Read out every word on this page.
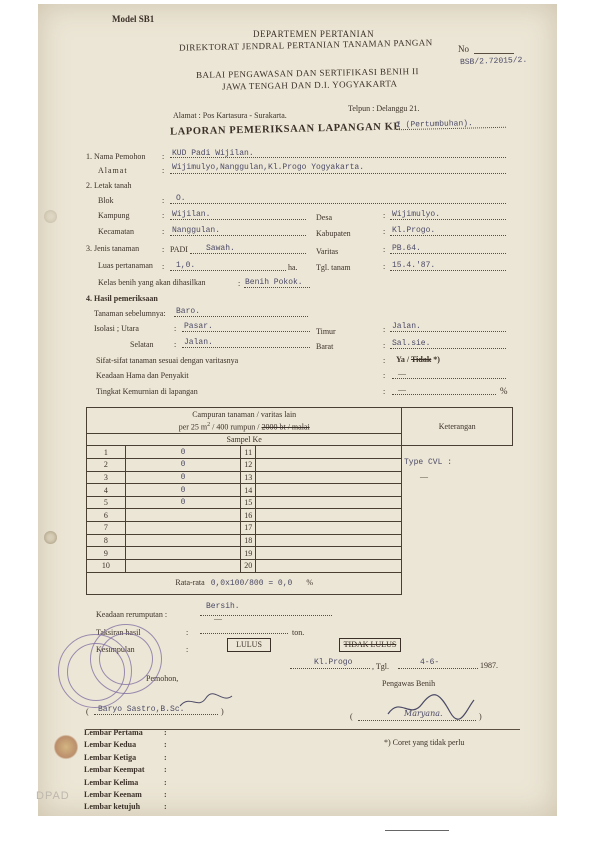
Model SB1
DEPARTEMEN PERTANIAN
DIREKTORAT JENDRAL PERTANIAN TANAMAN PANGAN	No
BSB/2.72015/2.
BALAI PENGAWASAN DAN SERTIFIKASI BENIH II
JAWA TENGAH DAN D.I. YOGYAKARTA
Alamat : Pos Kartasura - Surakarta.
Telpun : Delanggu 21.
LAPORAN PEMERIKSAAN LAPANGAN KE
I (Pertumbuhan).
1. Nama Pemohon : KUD Padi Wijilan.
Alamat	: Wijimulyo,Nanggulan,Kl.Progo Yogyakarta.
2. Letak tanah
Blok	: O.
Kampung	: Wijilan.	Desa	: Wijimulyo.
Kecamatan	: Nanggulan.	Kabupaten	: Kl.Progo.
3. Jenis tanaman	: PADI Sawah.	Varitas	: PB.64.
Luas pertanaman : 1,0.	ha. Tgl. tanam	: 15.4.'87.
Kelas benih yang akan dihasilkan	: Benih Pokok.
4. Hasil pemeriksaan
Tanaman sebelumnya: Baro.
Isolasi ; Utara	: Pasar.
Timur	: Jalan.
Selatan	: Jalan.	Barat	: Sal.sie.
Sifat-sifat tanaman sesuai dengan varitasnya	: Ya / Tidak *)
Keadaan Hama dan Penyakit	: —
Tingkat Kemurnian di lapangan	: —	%
Campuran tanaman / varitas lain
per 25 $m^2 / 400$ rumpun / 2000 bt / malai				Keterangan
Sampel Ke				
1	0	11		
2	0	12		
3	0	13		
4	0	14		
5	0	15		
6		16		
7		17		
8		18		
9		19		
10		20		
Rata-rata 0,0x100/800 = 0,0 %				
Type CVL :
—
Keadaan rerumputan :
Bersih.
—
Taksiran hasil	:	ton.
Kesimpulan	:
LULUS	TIDAK LULUS
Kl.Progo , Tgl.	4-6-	1987.
Pengawas Benih
Pemohon,
( Baryo Sastro,B.Sc.	)
(	Maryana.	)
*) Coret yang tidak perlu
Lembar Pertama	:
Lembar Kedua	:
Lembar Ketiga	:
Lembar Keempat :
Lembar Kelima	:
Lembar Keenam	:
Lembar ketujuh	:
DPAD
